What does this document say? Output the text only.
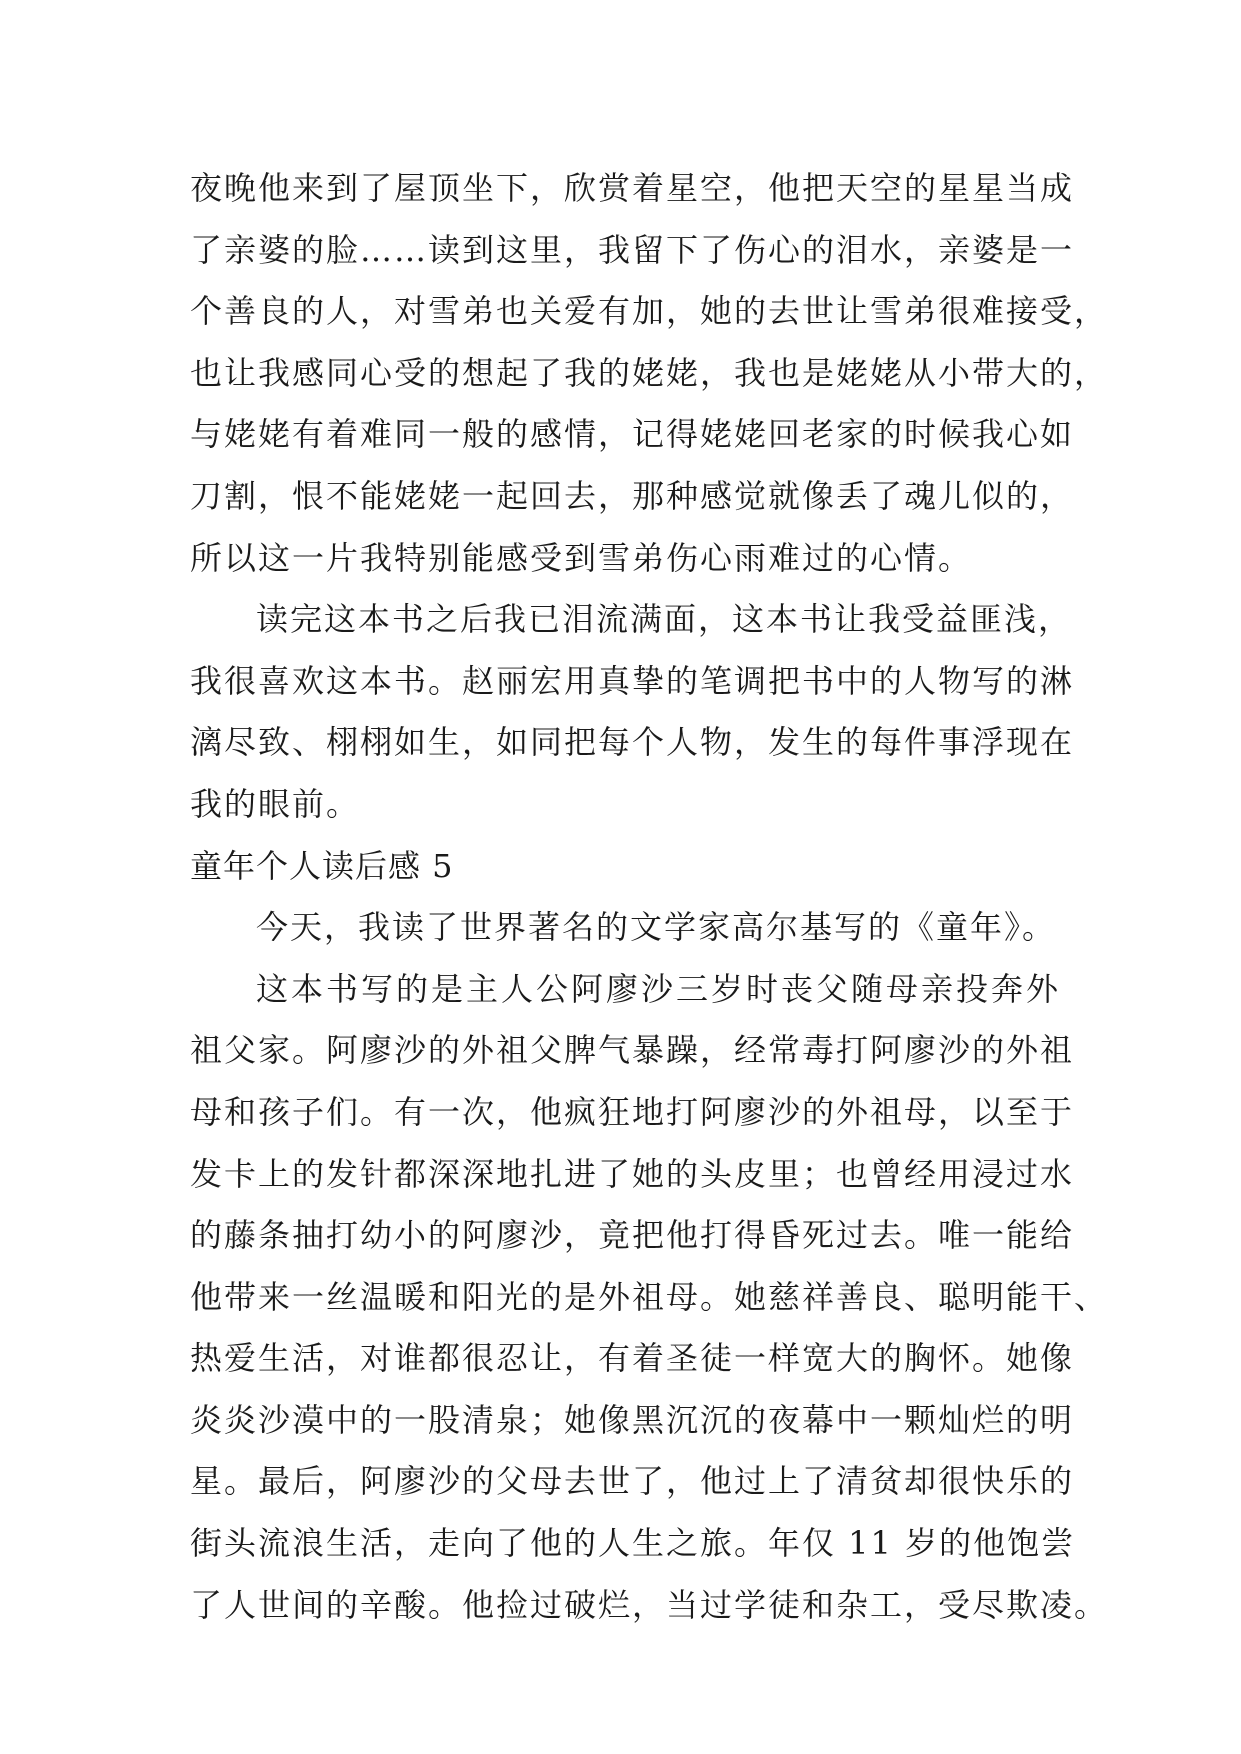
夜晚他来到了屋顶坐下，欣赏着星空，他把天空的星星当成
了亲婆的脸……读到这里，我留下了伤心的泪水，亲婆是一
个善良的人，对雪弟也关爱有加，她的去世让雪弟很难接受，
也让我感同心受的想起了我的姥姥，我也是姥姥从小带大的，
与姥姥有着难同一般的感情，记得姥姥回老家的时候我心如
刀割，恨不能姥姥一起回去，那种感觉就像丢了魂儿似的，
所以这一片我特别能感受到雪弟伤心雨难过的心情。
读完这本书之后我已泪流满面，这本书让我受益匪浅，
我很喜欢这本书。赵丽宏用真挚的笔调把书中的人物写的淋
漓尽致、栩栩如生，如同把每个人物，发生的每件事浮现在
我的眼前。
童年个人读后感 5
今天，我读了世界著名的文学家高尔基写的《童年》。
这本书写的是主人公阿廖沙三岁时丧父随母亲投奔外
祖父家。阿廖沙的外祖父脾气暴躁，经常毒打阿廖沙的外祖
母和孩子们。有一次，他疯狂地打阿廖沙的外祖母，以至于
发卡上的发针都深深地扎进了她的头皮里；也曾经用浸过水
的藤条抽打幼小的阿廖沙，竟把他打得昏死过去。唯一能给
他带来一丝温暖和阳光的是外祖母。她慈祥善良、聪明能干、
热爱生活，对谁都很忍让，有着圣徒一样宽大的胸怀。她像
炎炎沙漠中的一股清泉；她像黑沉沉的夜幕中一颗灿烂的明
星。最后，阿廖沙的父母去世了，他过上了清贫却很快乐的
街头流浪生活，走向了他的人生之旅。年仅 11 岁的他饱尝
了人世间的辛酸。他捡过破烂，当过学徒和杂工，受尽欺凌。
